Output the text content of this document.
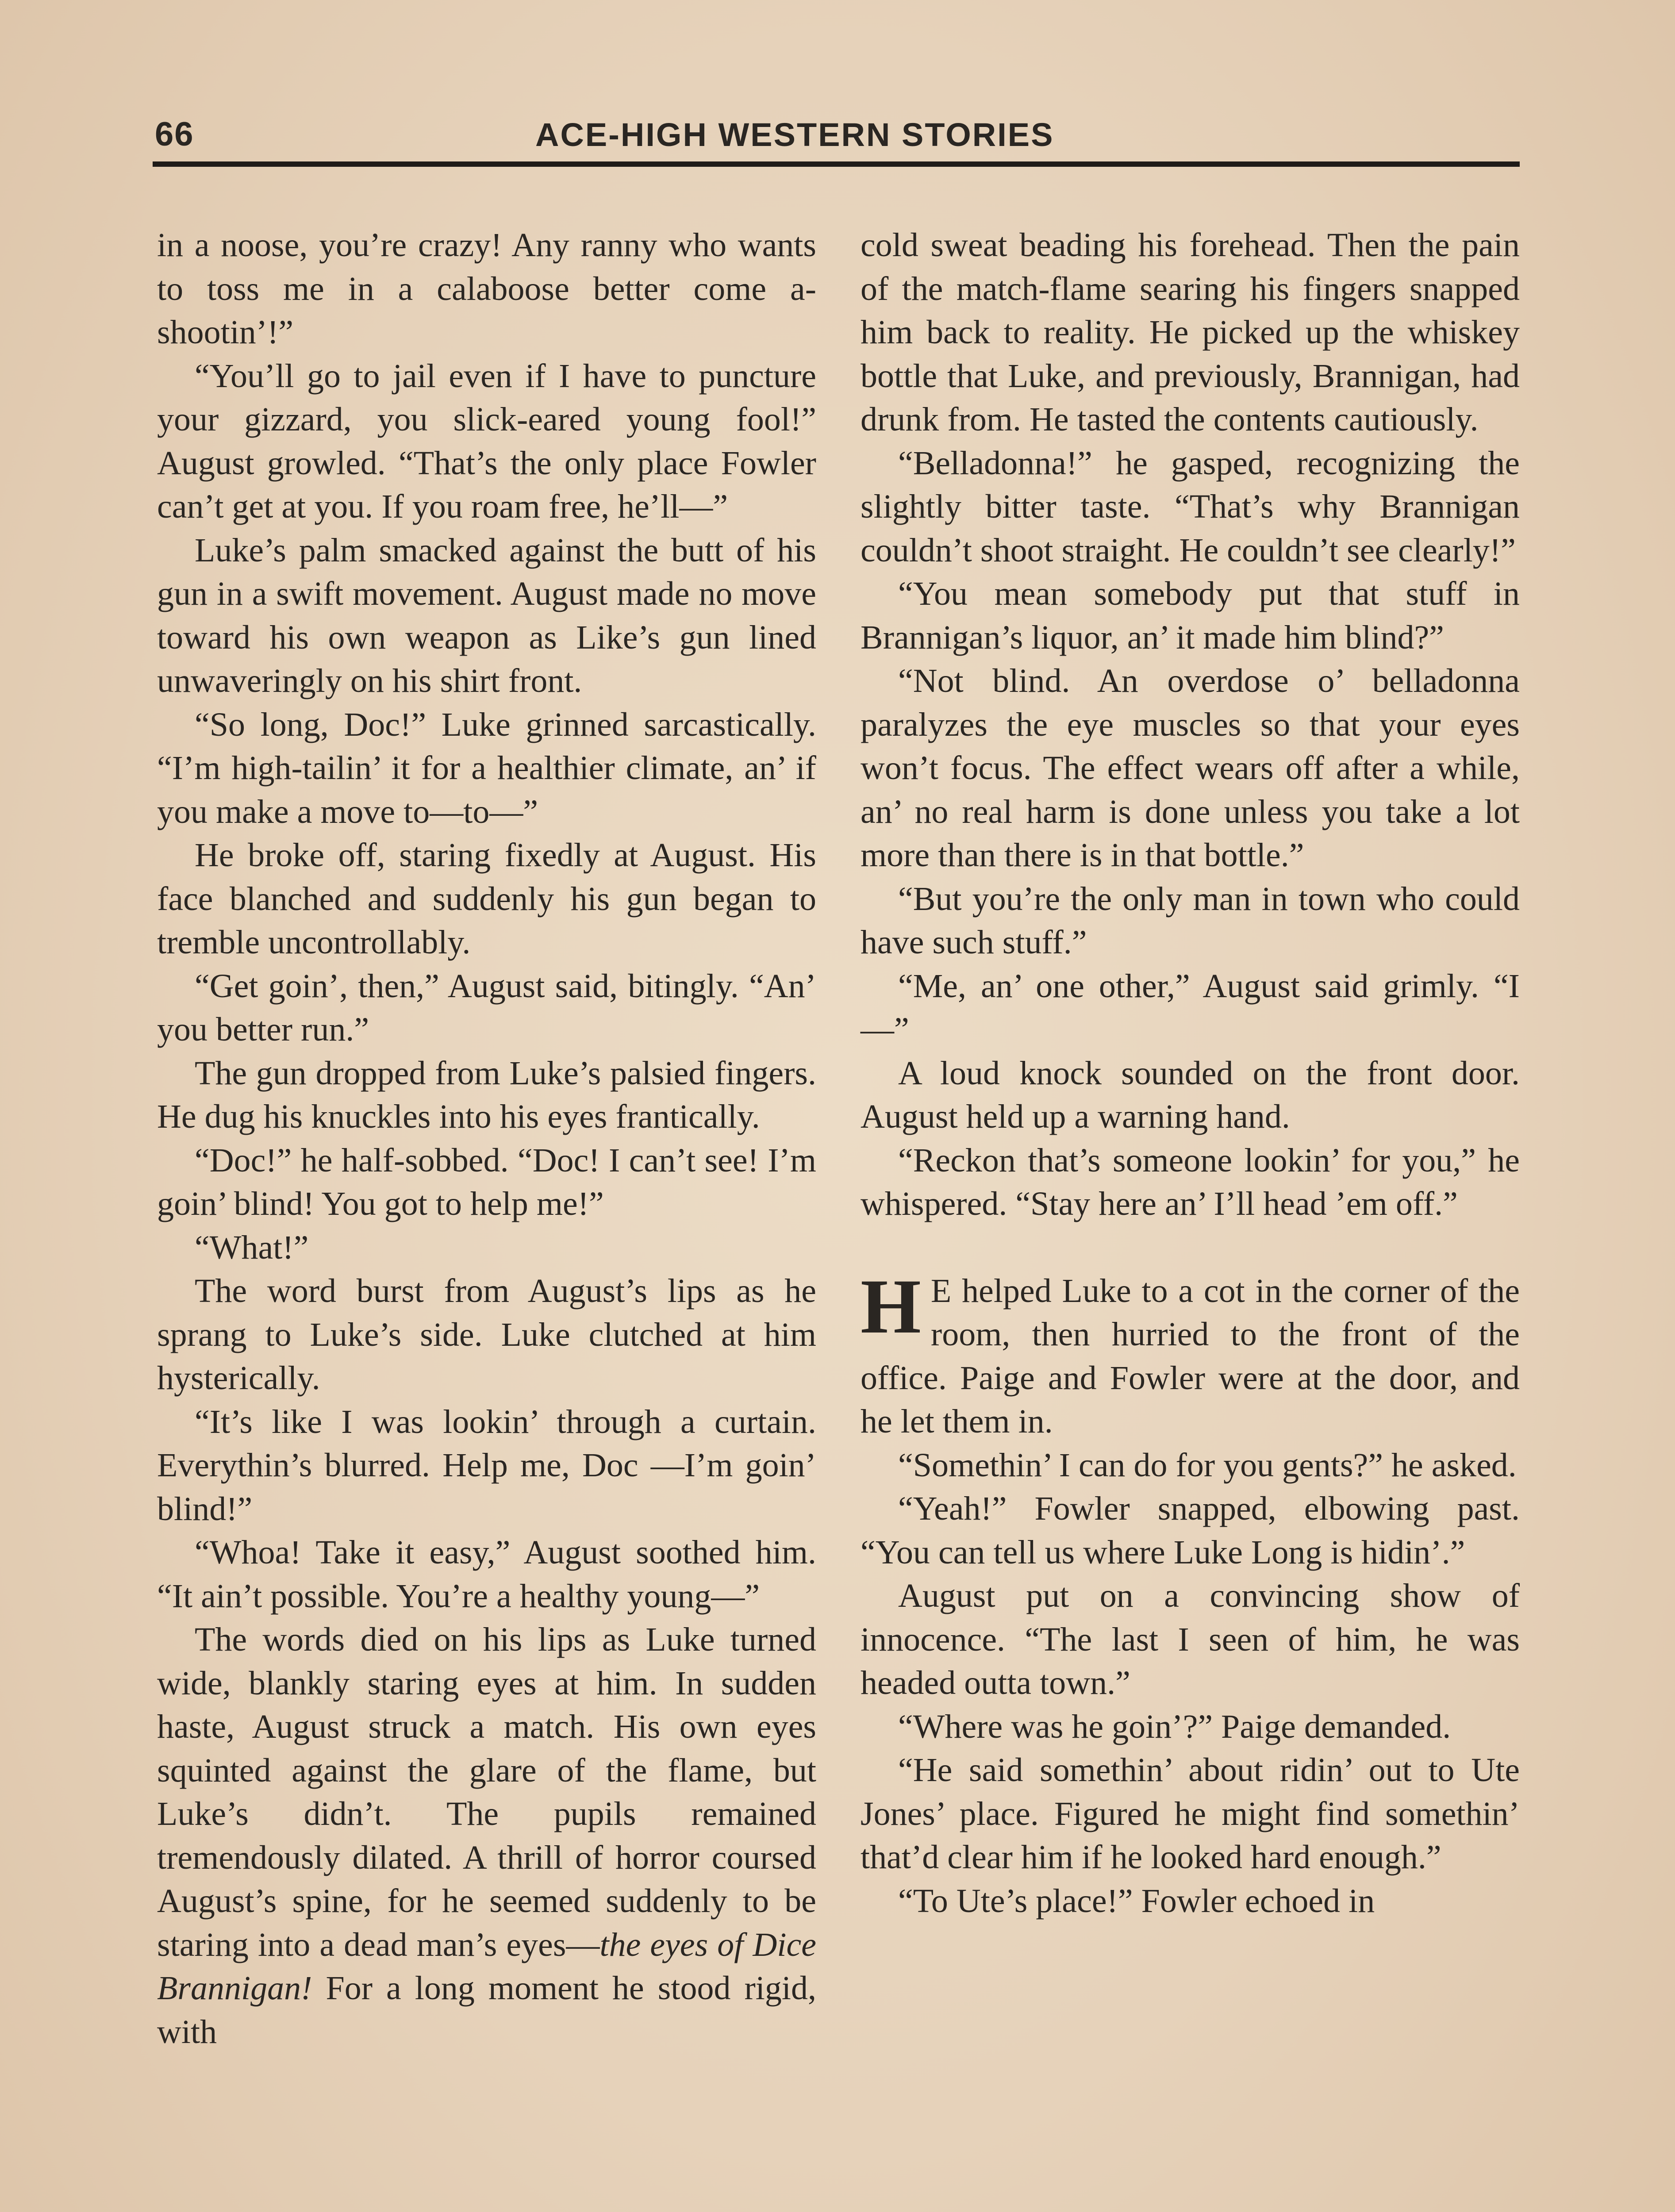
66	ACE-HIGH WESTERN STORIES

in a noose, you’re crazy! Any ranny who wants to toss me in a calaboose better come a-shootin’!”

“You’ll go to jail even if I have to puncture your gizzard, you slick-eared young fool!” August growled. “That’s the only place Fowler can’t get at you. If you roam free, he’ll—”

Luke’s palm smacked against the butt of his gun in a swift movement. August made no move toward his own weapon as Like’s gun lined unwaveringly on his shirt front.

“So long, Doc!” Luke grinned sarcastically. “I’m high-tailin’ it for a healthier climate, an’ if you make a move to—to—”

He broke off, staring fixedly at August. His face blanched and suddenly his gun began to tremble uncontrollably.

“Get goin’, then,” August said, bitingly. “An’ you better run.”

The gun dropped from Luke’s palsied fingers. He dug his knuckles into his eyes frantically.

“Doc!” he half-sobbed. “Doc! I can’t see! I’m goin’ blind! You got to help me!”

“What!”

The word burst from August’s lips as he sprang to Luke’s side. Luke clutched at him hysterically.

“It’s like I was lookin’ through a curtain. Everythin’s blurred. Help me, Doc —I’m goin’ blind!”

“Whoa! Take it easy,” August soothed him. “It ain’t possible. You’re a healthy young—”

The words died on his lips as Luke turned wide, blankly staring eyes at him. In sudden haste, August struck a match. His own eyes squinted against the glare of the flame, but Luke’s didn’t. The pupils remained tremendously dilated. A thrill of horror coursed August’s spine, for he seemed suddenly to be staring into a dead man’s eyes—the eyes of Dice Brannigan! For a long moment he stood rigid, with

cold sweat beading his forehead. Then the pain of the match-flame searing his fingers snapped him back to reality. He picked up the whiskey bottle that Luke, and previously, Brannigan, had drunk from. He tasted the contents cautiously.

“Belladonna!” he gasped, recognizing the slightly bitter taste. “That’s why Brannigan couldn’t shoot straight. He couldn’t see clearly!”

“You mean somebody put that stuff in Brannigan’s liquor, an’ it made him blind?”

“Not blind. An overdose o’ belladonna paralyzes the eye muscles so that your eyes won’t focus. The effect wears off after a while, an’ no real harm is done unless you take a lot more than there is in that bottle.”

“But you’re the only man in town who could have such stuff.”

“Me, an’ one other,” August said grimly. “I—”

A loud knock sounded on the front door. August held up a warning hand.

“Reckon that’s someone lookin’ for you,” he whispered. “Stay here an’ I’ll head ’em off.”

H E helped Luke to a cot in the corner of the room, then hurried to the front of the office. Paige and Fowler were at the door, and he let them in.

“Somethin’ I can do for you gents?” he asked.

“Yeah!” Fowler snapped, elbowing past. “You can tell us where Luke Long is hidin’.”

August put on a convincing show of innocence. “The last I seen of him, he was headed outta town.”

“Where was he goin’?” Paige demanded.

“He said somethin’ about ridin’ out to Ute Jones’ place. Figured he might find somethin’ that’d clear him if he looked hard enough.”

“To Ute’s place!” Fowler echoed in
